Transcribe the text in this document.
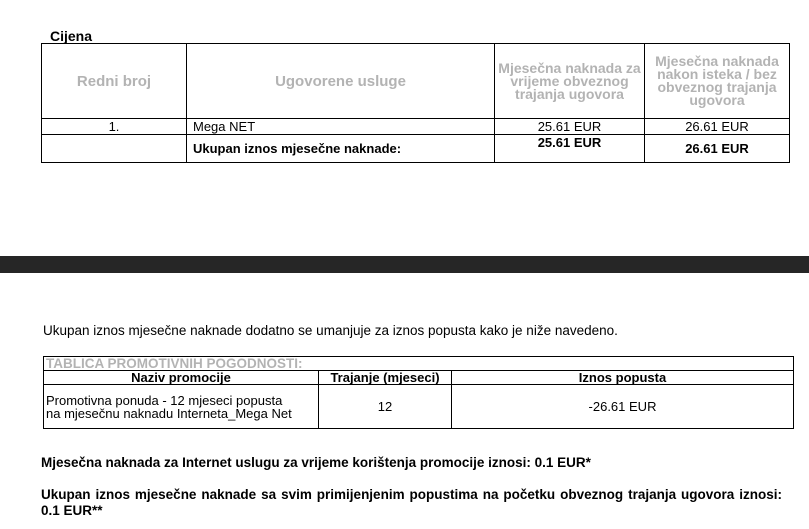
Cijena
Redni broj	Ugovorene usluge	Mjesečna naknada za vrijeme obveznog trajanja ugovora	Mjesečna naknada nakon isteka / bez obveznog trajanja ugovora
1.	Mega NET	25.61 EUR	26.61 EUR
	Ukupan iznos mjesečne naknade:	25.61 EUR	26.61 EUR
Ukupan iznos mjesečne naknade dodatno se umanjuje za iznos popusta kako je niže navedeno.
TABLICA PROMOTIVNIH POGODNOSTI:		
Naziv promocije	Trajanje (mjeseci)	Iznos popusta
Promotivna ponuda - 12 mjeseci popusta na mjesečnu naknadu Interneta_Mega Net	12	-26.61 EUR
Mjesečna naknada za Internet uslugu za vrijeme korištenja promocije iznosi: 0.1 EUR*
Ukupan iznos mjesečne naknade sa svim primijenjenim popustima na početku obveznog trajanja ugovora iznosi: 0.1 EUR**
